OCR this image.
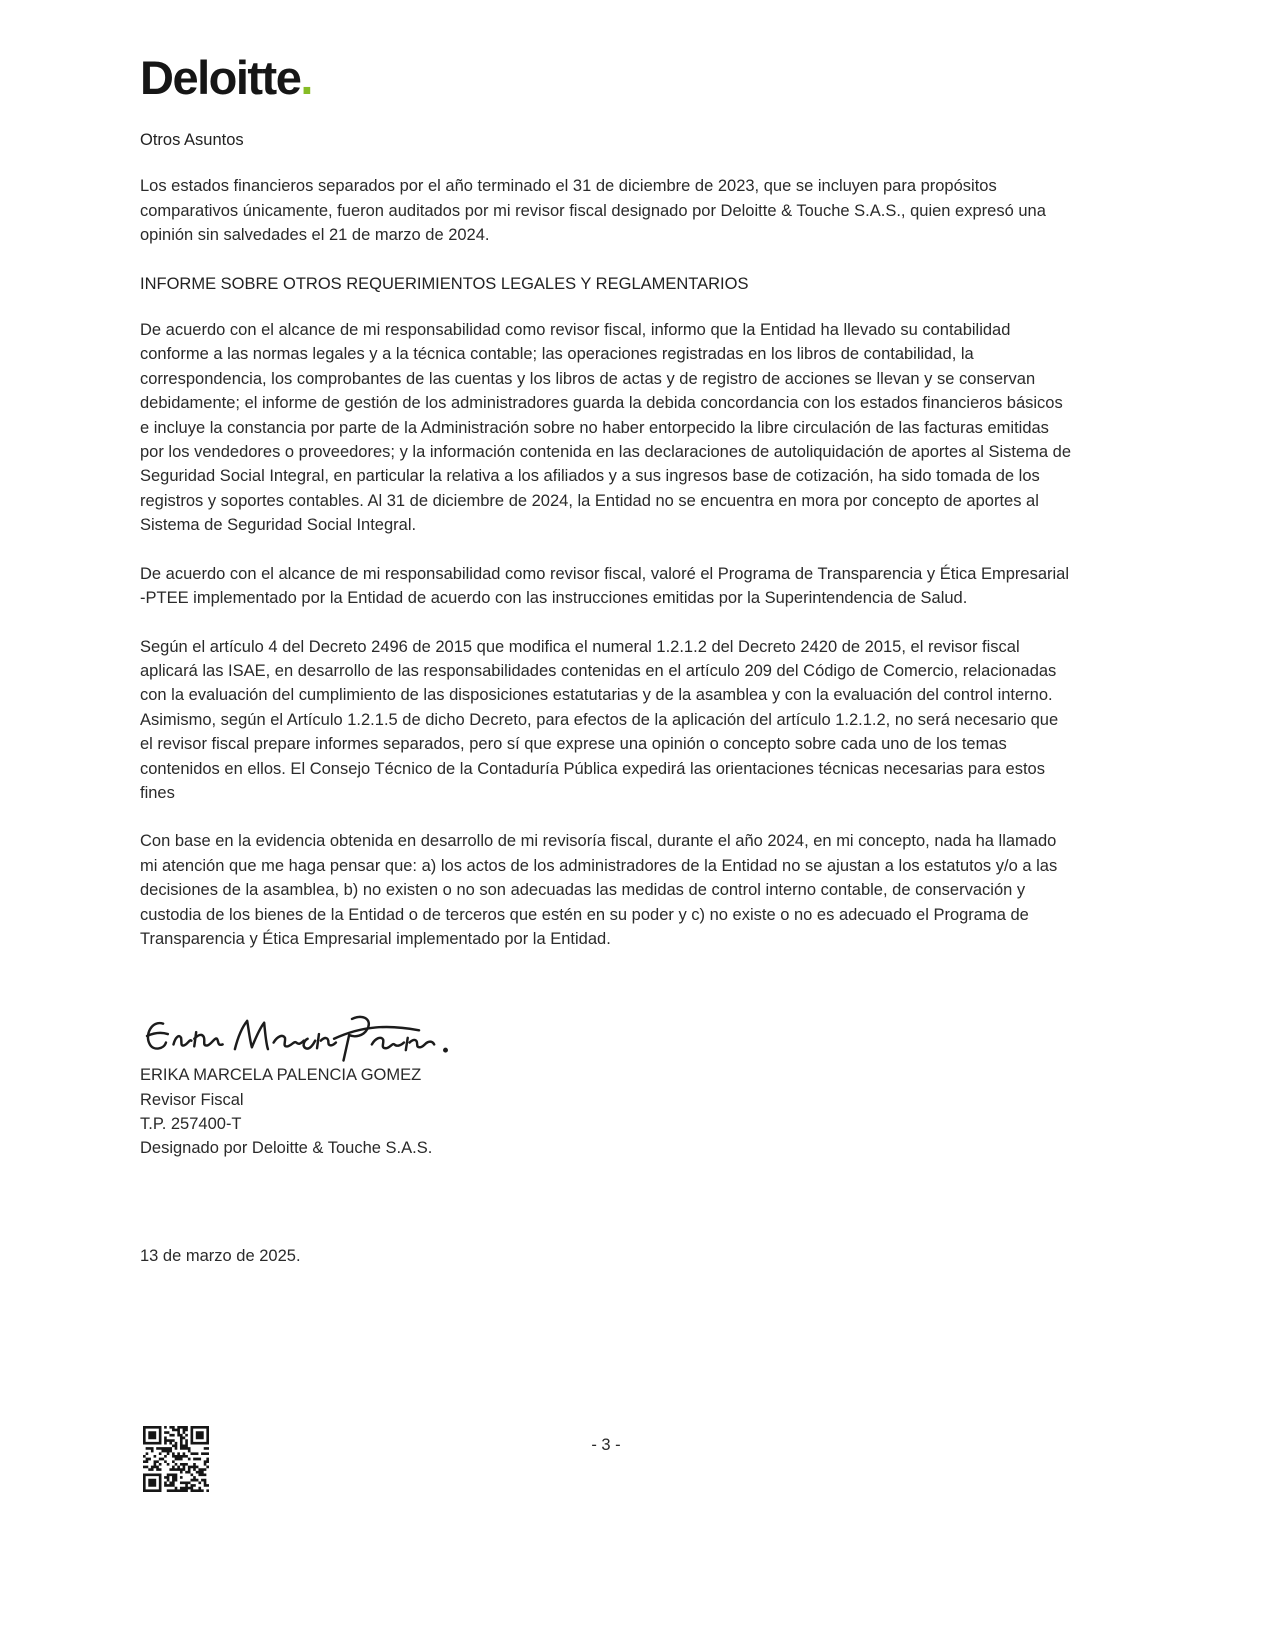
Deloitte.
Otros Asuntos

Los estados financieros separados por el año terminado el 31 de diciembre de 2023, que se incluyen para propósitos comparativos únicamente, fueron auditados por mi revisor fiscal designado por Deloitte & Touche S.A.S., quien expresó una opinión sin salvedades el 21 de marzo de 2024.

INFORME SOBRE OTROS REQUERIMIENTOS LEGALES Y REGLAMENTARIOS

De acuerdo con el alcance de mi responsabilidad como revisor fiscal, informo que la Entidad ha llevado su contabilidad conforme a las normas legales y a la técnica contable; las operaciones registradas en los libros de contabilidad, la correspondencia, los comprobantes de las cuentas y los libros de actas y de registro de acciones se llevan y se conservan debidamente; el informe de gestión de los administradores guarda la debida concordancia con los estados financieros básicos e incluye la constancia por parte de la Administración sobre no haber entorpecido la libre circulación de las facturas emitidas por los vendedores o proveedores; y la información contenida en las declaraciones de autoliquidación de aportes al Sistema de Seguridad Social Integral, en particular la relativa a los afiliados y a sus ingresos base de cotización, ha sido tomada de los registros y soportes contables. Al 31 de diciembre de 2024, la Entidad no se encuentra en mora por concepto de aportes al Sistema de Seguridad Social Integral.

De acuerdo con el alcance de mi responsabilidad como revisor fiscal, valoré el Programa de Transparencia y Ética Empresarial -PTEE implementado por la Entidad de acuerdo con las instrucciones emitidas por la Superintendencia de Salud.

Según el artículo 4 del Decreto 2496 de 2015 que modifica el numeral 1.2.1.2 del Decreto 2420 de 2015, el revisor fiscal aplicará las ISAE, en desarrollo de las responsabilidades contenidas en el artículo 209 del Código de Comercio, relacionadas con la evaluación del cumplimiento de las disposiciones estatutarias y de la asamblea y con la evaluación del control interno. Asimismo, según el Artículo 1.2.1.5 de dicho Decreto, para efectos de la aplicación del artículo 1.2.1.2, no será necesario que el revisor fiscal prepare informes separados, pero sí que exprese una opinión o concepto sobre cada uno de los temas contenidos en ellos. El Consejo Técnico de la Contaduría Pública expedirá las orientaciones técnicas necesarias para estos fines

Con base en la evidencia obtenida en desarrollo de mi revisoría fiscal, durante el año 2024, en mi concepto, nada ha llamado mi atención que me haga pensar que: a) los actos de los administradores de la Entidad no se ajustan a los estatutos y/o a las decisiones de la asamblea, b) no existen o no son adecuadas las medidas de control interno contable, de conservación y custodia de los bienes de la Entidad o de terceros que estén en su poder y c) no existe o no es adecuado el Programa de Transparencia y Ética Empresarial implementado por la Entidad.

ERIKA MARCELA PALENCIA GOMEZ
Revisor Fiscal
T.P. 257400-T
Designado por Deloitte & Touche S.A.S.
13 de marzo de 2025.
- 3 -
